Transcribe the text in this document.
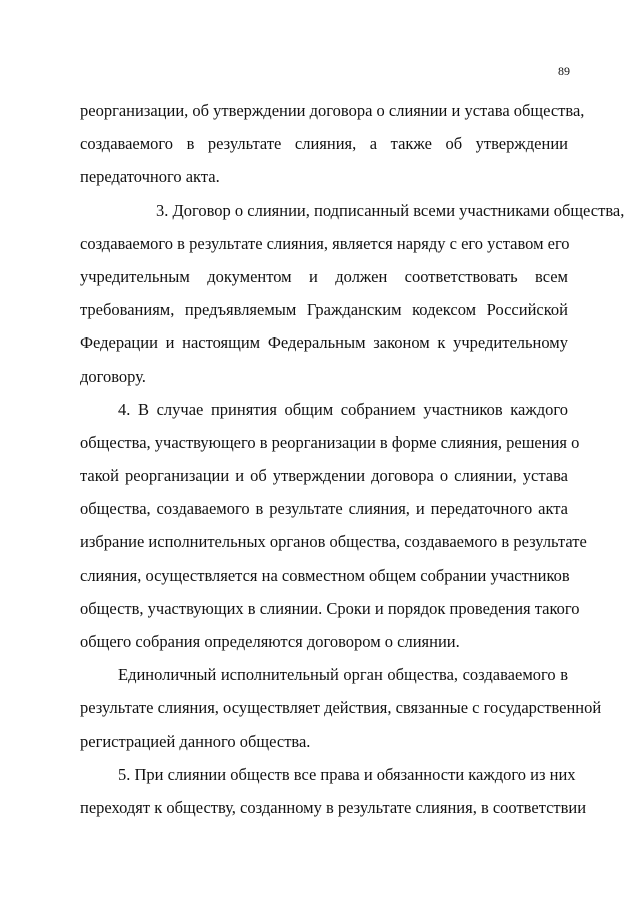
89
реорганизации, об утверждении договора о слиянии и устава общества,
создаваемого в результате слияния, а также об утверждении
передаточного акта.
3. Договор о слиянии, подписанный всеми участниками общества,
создаваемого в результате слияния, является наряду с его уставом его
учредительным документом и должен соответствовать всем
требованиям, предъявляемым Гражданским кодексом Российской
Федерации и настоящим Федеральным законом к учредительному
договору.
4. В случае принятия общим собранием участников каждого
общества, участвующего в реорганизации в форме слияния, решения о
такой реорганизации и об утверждении договора о слиянии, устава
общества, создаваемого в результате слияния, и передаточного акта
избрание исполнительных органов общества, создаваемого в результате
слияния, осуществляется на совместном общем собрании участников
обществ, участвующих в слиянии. Сроки и порядок проведения такого
общего собрания определяются договором о слиянии.
Единоличный исполнительный орган общества, создаваемого в
результате слияния, осуществляет действия, связанные с государственной
регистрацией данного общества.
5. При слиянии обществ все права и обязанности каждого из них
переходят к обществу, созданному в результате слияния, в соответствии
